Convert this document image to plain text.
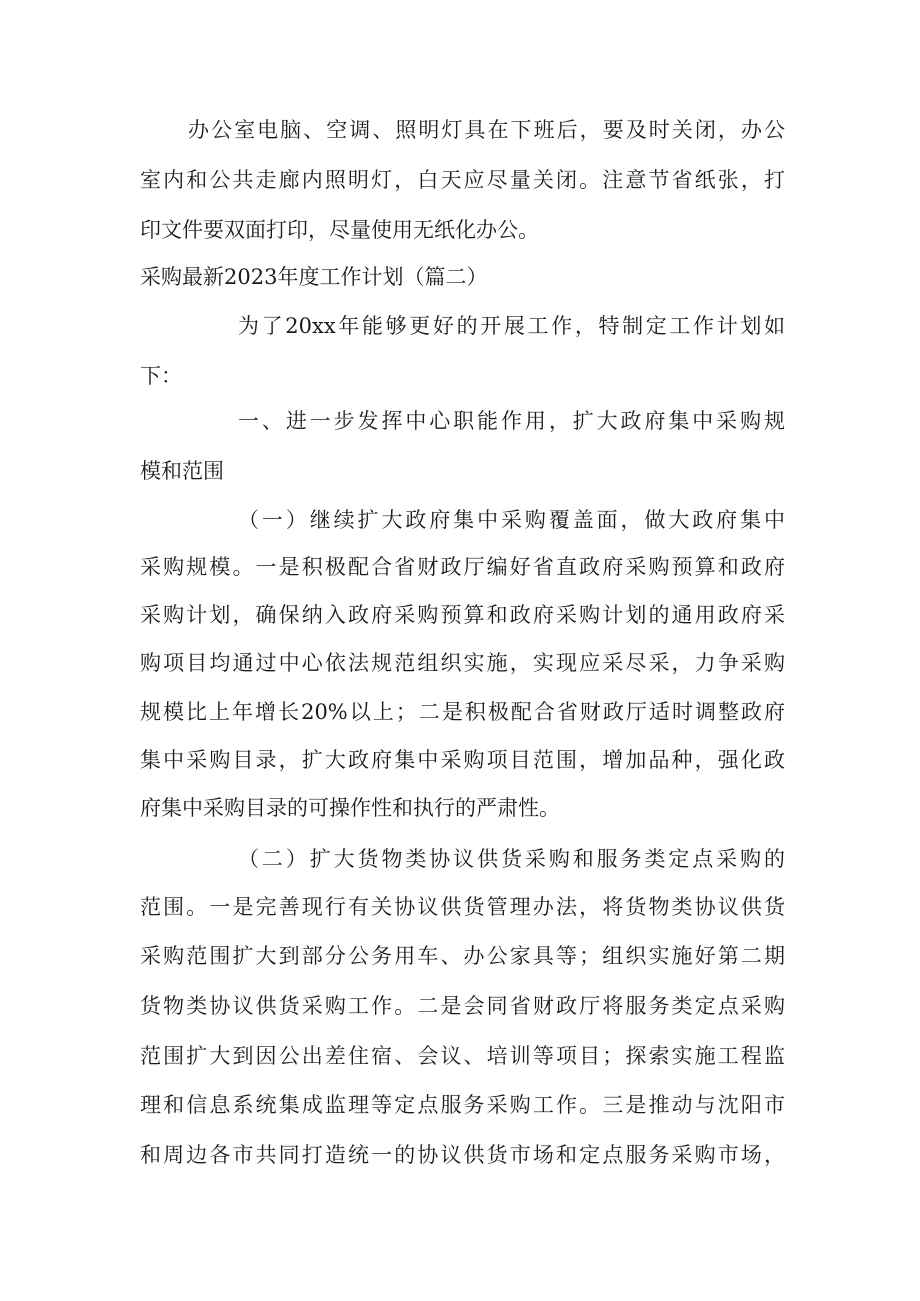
办公室电脑、空调、照明灯具在下班后，要及时关闭，办公
室内和公共走廊内照明灯，白天应尽量关闭。注意节省纸张，打
印文件要双面打印，尽量使用无纸化办公。
采购最新2023年度工作计划（篇二）
为了20xx年能够更好的开展工作，特制定工作计划如
下：
一、进一步发挥中心职能作用，扩大政府集中采购规
模和范围
（一）继续扩大政府集中采购覆盖面，做大政府集中
采购规模。一是积极配合省财政厅编好省直政府采购预算和政府
采购计划，确保纳入政府采购预算和政府采购计划的通用政府采
购项目均通过中心依法规范组织实施，实现应采尽采，力争采购
规模比上年增长20%以上；二是积极配合省财政厅适时调整政府
集中采购目录，扩大政府集中采购项目范围，增加品种，强化政
府集中采购目录的可操作性和执行的严肃性。
（二）扩大货物类协议供货采购和服务类定点采购的
范围。一是完善现行有关协议供货管理办法，将货物类协议供货
采购范围扩大到部分公务用车、办公家具等；组织实施好第二期
货物类协议供货采购工作。二是会同省财政厅将服务类定点采购
范围扩大到因公出差住宿、会议、培训等项目；探索实施工程监
理和信息系统集成监理等定点服务采购工作。三是推动与沈阳市
和周边各市共同打造统一的协议供货市场和定点服务采购市场，
